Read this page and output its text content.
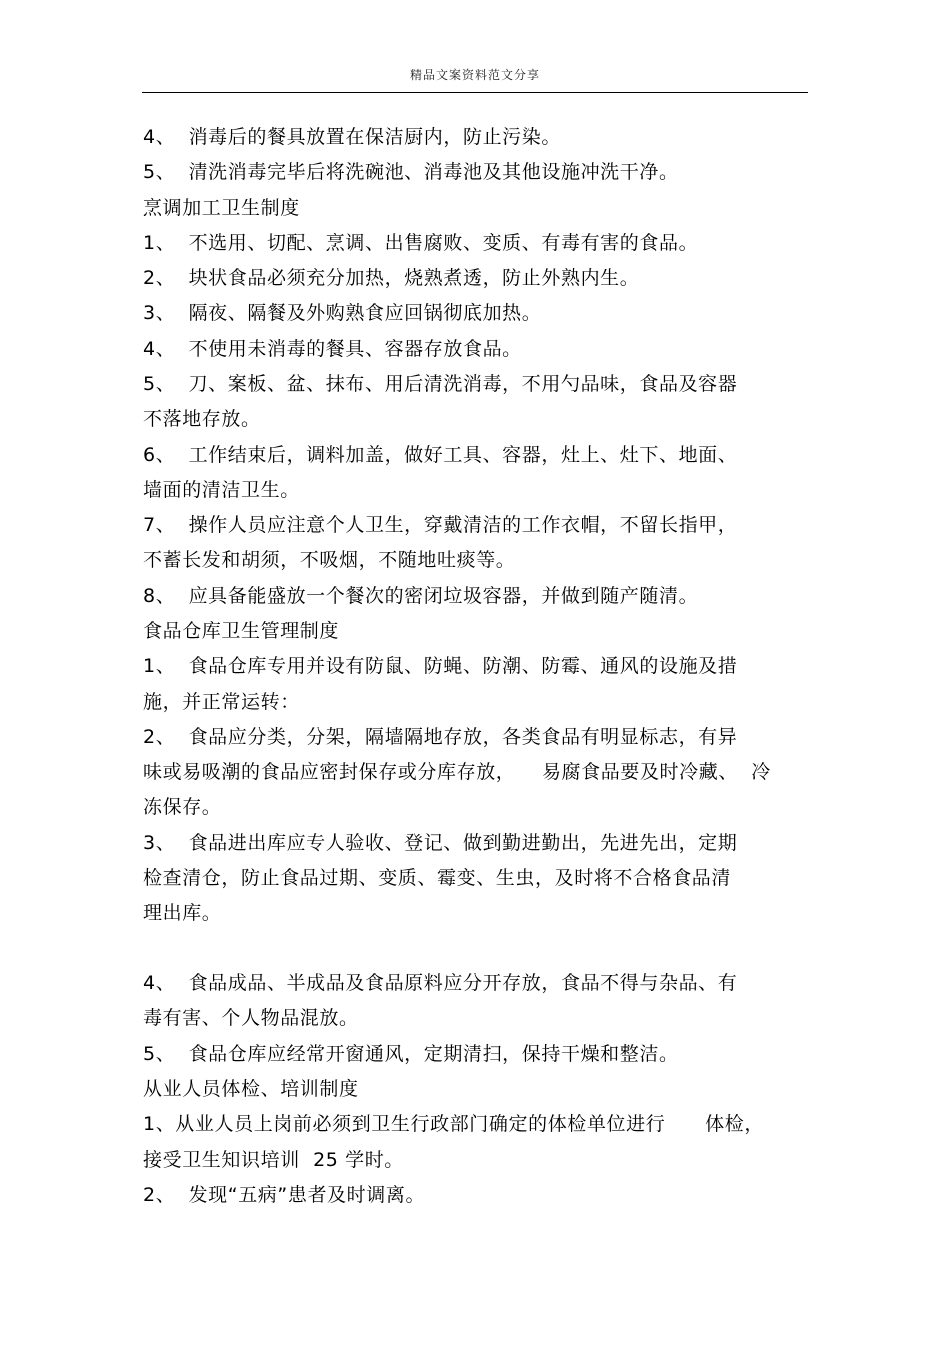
精品文案资料范文分享
4、  消毒后的餐具放置在保洁厨内，防止污染。
5、  清洗消毒完毕后将洗碗池、消毒池及其他设施冲洗干净。
烹调加工卫生制度
1、  不选用、切配、烹调、出售腐败、变质、有毒有害的食品。
2、  块状食品必须充分加热，烧熟煮透，防止外熟内生。
3、  隔夜、隔餐及外购熟食应回锅彻底加热。
4、  不使用未消毒的餐具、容器存放食品。
5、  刀、案板、盆、抹布、用后清洗消毒，不用勺品味，食品及容器
不落地存放。
6、  工作结束后，调料加盖，做好工具、容器，灶上、灶下、地面、
墙面的清洁卫生。
7、  操作人员应注意个人卫生，穿戴清洁的工作衣帽，不留长指甲，
不蓄长发和胡须，不吸烟，不随地吐痰等。
8、  应具备能盛放一个餐次的密闭垃圾容器，并做到随产随清。
食品仓库卫生管理制度
1、  食品仓库专用并设有防鼠、防蝇、防潮、防霉、通风的设施及措
施，并正常运转：
2、  食品应分类，分架，隔墙隔地存放，各类食品有明显标志，有异
味或易吸潮的食品应密封保存或分库存放，    易腐食品要及时冷藏、  冷
冻保存。
3、  食品进出库应专人验收、登记、做到勤进勤出，先进先出，定期
检查清仓，防止食品过期、变质、霉变、生虫，及时将不合格食品清
理出库。
4、  食品成品、半成品及食品原料应分开存放，食品不得与杂品、有
毒有害、个人物品混放。
5、  食品仓库应经常开窗通风，定期清扫，保持干燥和整洁。
从业人员体检、培训制度
1、从业人员上岗前必须到卫生行政部门确定的体检单位进行      体检，
接受卫生知识培训  25 学时。
2、  发现“五病”患者及时调离。
